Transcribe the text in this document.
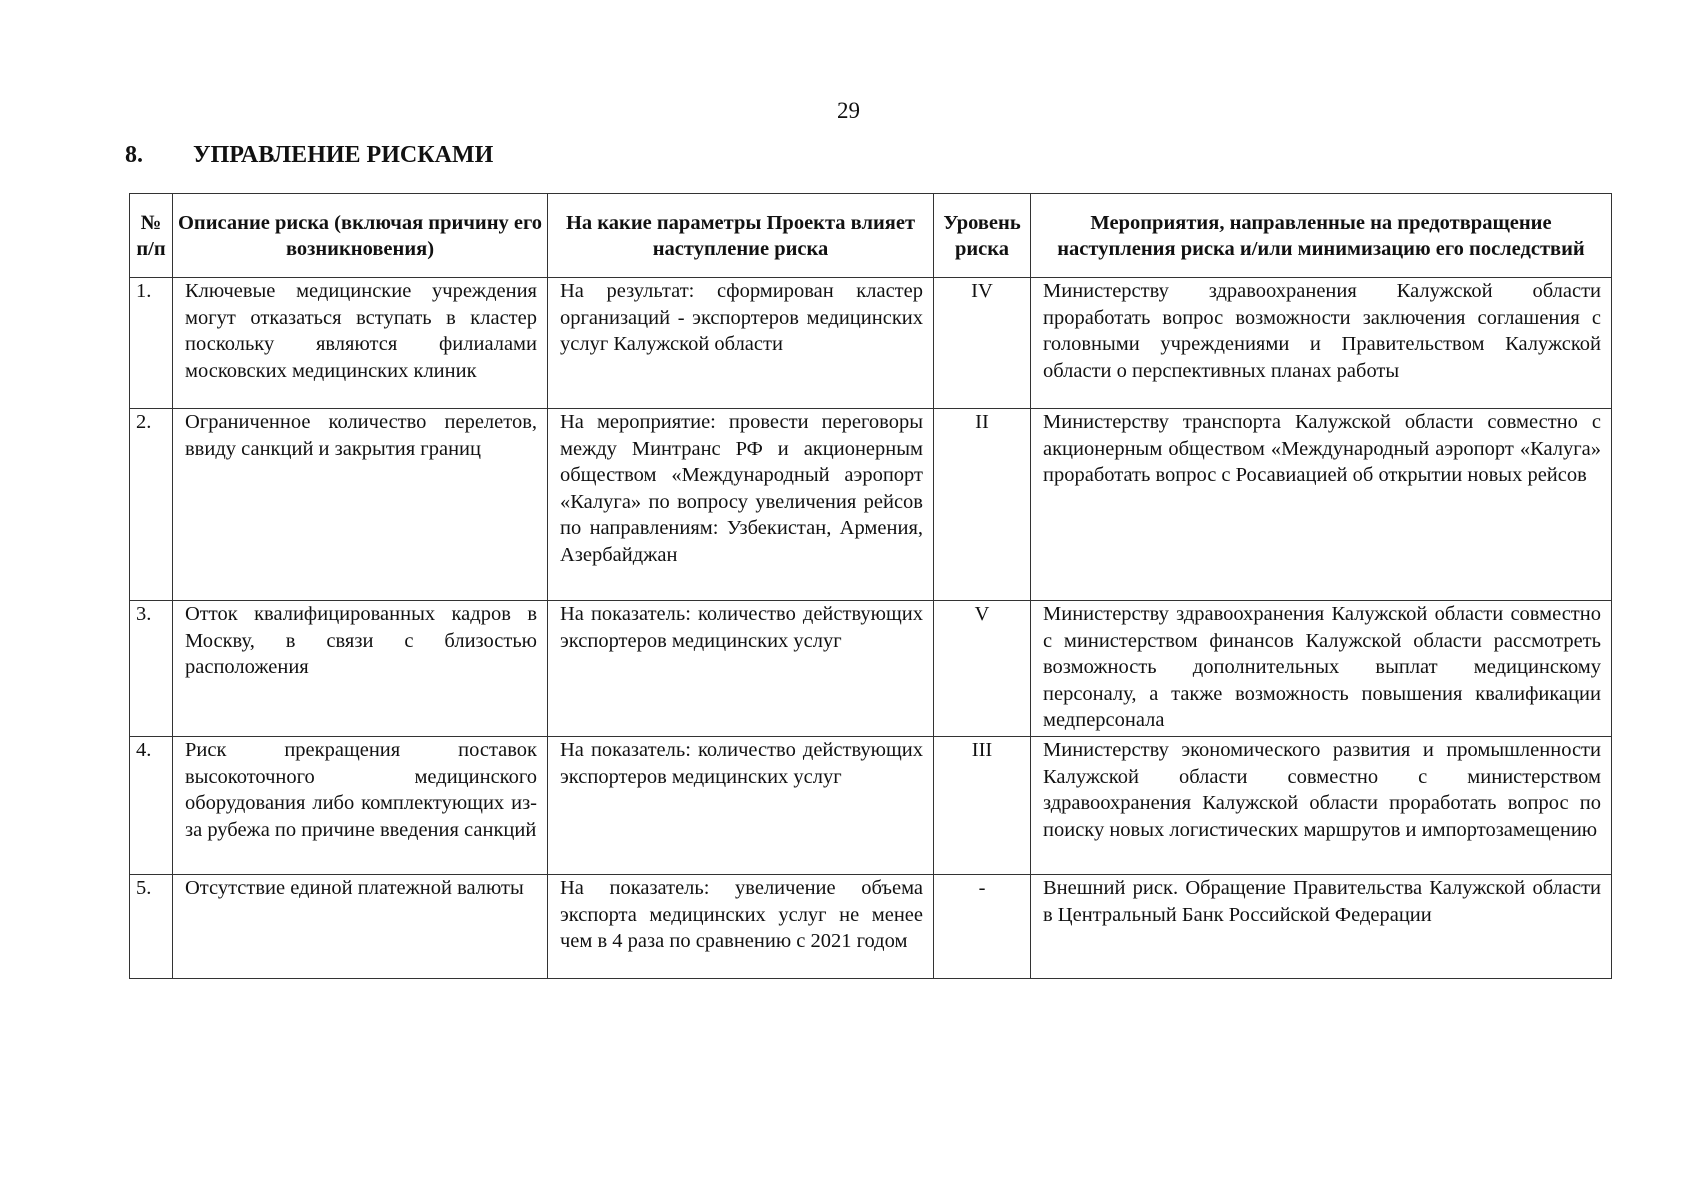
29
8. УПРАВЛЕНИЕ РИСКАМИ
№ п/п	Описание риска (включая причину его возникновения)	На какие параметры Проекта влияет наступление риска	Уровень риска	Мероприятия, направленные на предотвращение наступления риска и/или минимизацию его последствий
1.	Ключевые медицинские учреждения могут отказаться вступать в кластер поскольку являются филиалами московских медицинских клиник	На результат: сформирован кластер организаций - экспортеров медицинских услуг Калужской области	IV	Министерству здравоохранения Калужской области проработать вопрос возможности заключения соглашения с головными учреждениями и Правительством Калужской области о перспективных планах работы
2.	Ограниченное количество перелетов, ввиду санкций и закрытия границ	На мероприятие: провести переговоры между Минтранс РФ и акционерным обществом «Международный аэропорт «Калуга» по вопросу увеличения рейсов по направлениям: Узбекистан, Армения, Азербайджан	II	Министерству транспорта Калужской области совместно с акционерным обществом «Международный аэропорт «Калуга» проработать вопрос с Росавиацией об открытии новых рейсов
3.	Отток квалифицированных кадров в Москву, в связи с близостью расположения	На показатель: количество действующих экспортеров медицинских услуг	V	Министерству здравоохранения Калужской области совместно с министерством финансов Калужской области рассмотреть возможность дополнительных выплат медицинскому персоналу, а также возможность повышения квалификации медперсонала
4.	Риск прекращения поставок высокоточного медицинского оборудования либо комплектующих из-за рубежа по причине введения санкций	На показатель: количество действующих экспортеров медицинских услуг	III	Министерству экономического развития и промышленности Калужской области совместно с министерством здравоохранения Калужской области проработать вопрос по поиску новых логистических маршрутов и импортозамещению
5.	Отсутствие единой платежной валюты	На показатель: увеличение объема экспорта медицинских услуг не менее чем в 4 раза по сравнению с 2021 годом	-	Внешний риск. Обращение Правительства Калужской области в Центральный Банк Российской Федерации
